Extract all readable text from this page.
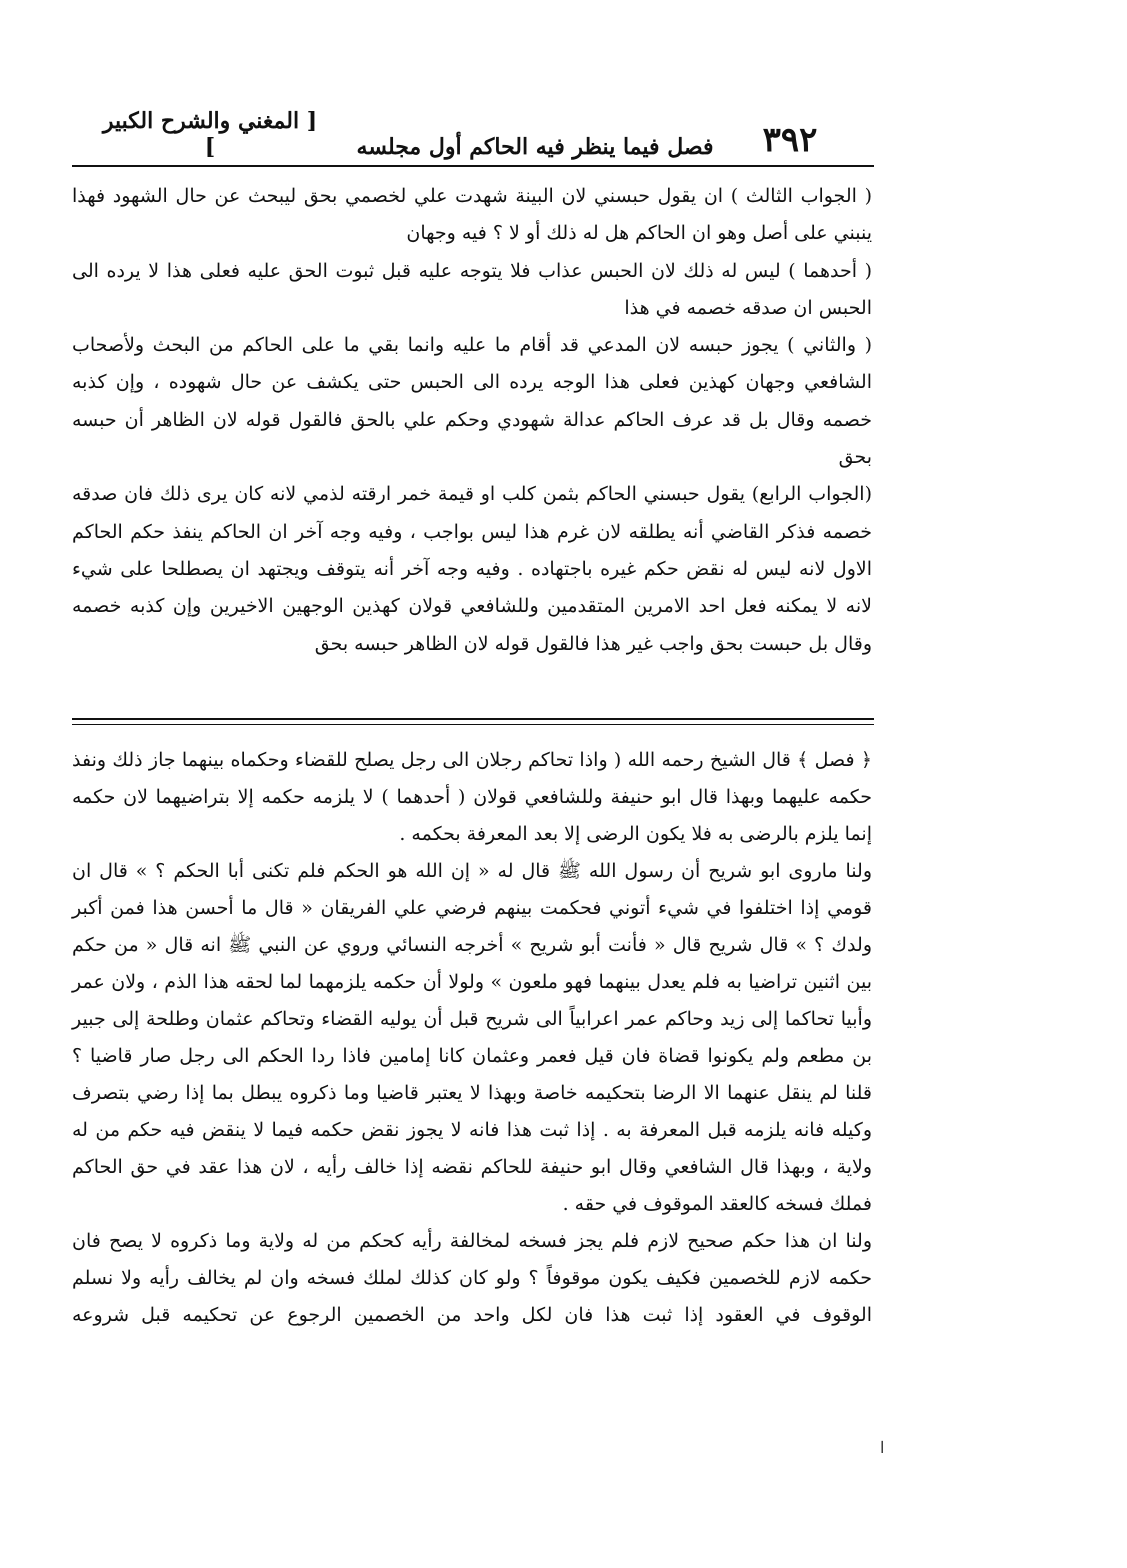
٣٩٢
فصل فيما ينظر فيه الحاكم أول مجلسه
[ المغني والشرح الكبير ]

( الجواب الثالث ) ان يقول حبسني لان البينة شهدت علي لخصمي بحق ليبحث عن حال الشهود فهذا ينبني على أصل وهو ان الحاكم هل له ذلك أو لا ؟ فيه وجهان

( أحدهما ) ليس له ذلك لان الحبس عذاب فلا يتوجه عليه قبل ثبوت الحق عليه فعلى هذا لا يرده الى الحبس ان صدقه خصمه في هذا

( والثاني ) يجوز حبسه لان المدعي قد أقام ما عليه وانما بقي ما على الحاكم من البحث ولأصحاب الشافعي وجهان كهذين فعلى هذا الوجه يرده الى الحبس حتى يكشف عن حال شهوده ، وإن كذبه خصمه وقال بل قد عرف الحاكم عدالة شهودي وحكم علي بالحق فالقول قوله لان الظاهر أن حبسه بحق

(الجواب الرابع) يقول حبسني الحاكم بثمن كلب او قيمة خمر ارقته لذمي لانه كان يرى ذلك فان صدقه خصمه فذكر القاضي أنه يطلقه لان غرم هذا ليس بواجب ، وفيه وجه آخر ان الحاكم ينفذ حكم الحاكم الاول لانه ليس له نقض حكم غيره باجتهاده . وفيه وجه آخر أنه يتوقف ويجتهد ان يصطلحا على شيء لانه لا يمكنه فعل احد الامرين المتقدمين وللشافعي قولان كهذين الوجهين الاخيرين وإن كذبه خصمه وقال بل حبست بحق واجب غير هذا فالقول قوله لان الظاهر حبسه بحق

﴿ فصل ﴾ قال الشيخ رحمه الله ( واذا تحاكم رجلان الى رجل يصلح للقضاء وحكماه بينهما جاز ذلك ونفذ حكمه عليهما وبهذا قال ابو حنيفة وللشافعي قولان ( أحدهما ) لا يلزمه حكمه إلا بتراضيهما لان حكمه إنما يلزم بالرضى به فلا يكون الرضى إلا بعد المعرفة بحكمه .

ولنا ماروى ابو شريح أن رسول الله ﷺ قال له « إن الله هو الحكم فلم تكنى أبا الحكم ؟ » قال ان قومي إذا اختلفوا في شيء أتوني فحكمت بينهم فرضي علي الفريقان « قال ما أحسن هذا فمن أكبر ولدك ؟ » قال شريح قال « فأنت أبو شريح » أخرجه النسائي وروي عن النبي ﷺ انه قال « من حكم بين اثنين تراضيا به فلم يعدل بينهما فهو ملعون » ولولا أن حكمه يلزمهما لما لحقه هذا الذم ، ولان عمر وأبيا تحاكما إلى زيد وحاكم عمر اعرابياً الى شريح قبل أن يوليه القضاء وتحاكم عثمان وطلحة إلى جبير بن مطعم ولم يكونوا قضاة فان قيل فعمر وعثمان كانا إمامين فاذا ردا الحكم الى رجل صار قاضيا ؟ قلنا لم ينقل عنهما الا الرضا بتحكيمه خاصة وبهذا لا يعتبر قاضيا وما ذكروه يبطل بما إذا رضي بتصرف وكيله فانه يلزمه قبل المعرفة به . إذا ثبت هذا فانه لا يجوز نقض حكمه فيما لا ينقض فيه حكم من له ولاية ، وبهذا قال الشافعي وقال ابو حنيفة للحاكم نقضه إذا خالف رأيه ، لان هذا عقد في حق الحاكم فملك فسخه كالعقد الموقوف في حقه .

ولنا ان هذا حكم صحيح لازم فلم يجز فسخه لمخالفة رأيه كحكم من له ولاية وما ذكروه لا يصح فان حكمه لازم للخصمين فكيف يكون موقوفاً ؟ ولو كان كذلك لملك فسخه وان لم يخالف رأيه ولا نسلم الوقوف في العقود إذا ثبت هذا فان لكل واحد من الخصمين الرجوع عن تحكيمه قبل شروعه

ا
